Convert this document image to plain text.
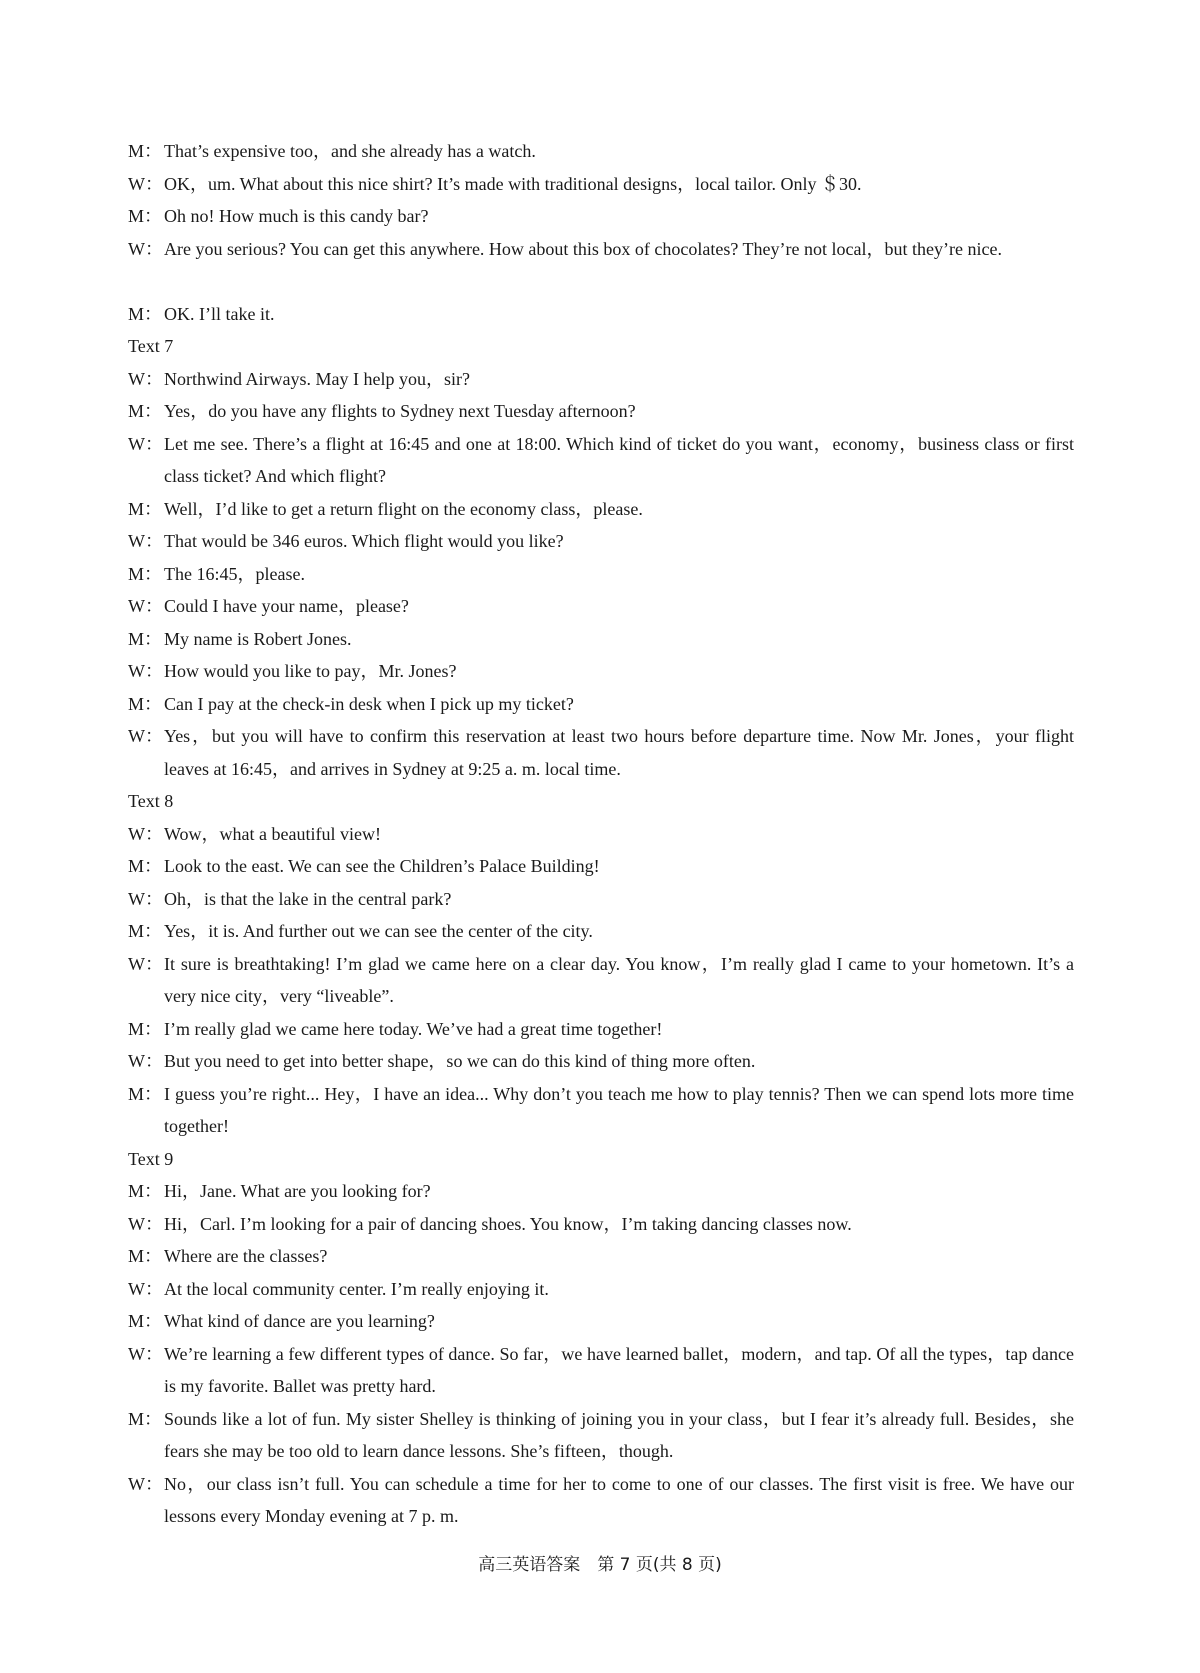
M： That’s expensive too，and she already has a watch.
W：OK，um. What about this nice shirt? It’s made with traditional designs，local tailor. Only ＄30.
M： Oh no! How much is this candy bar?
W： Are you serious? You can get this anywhere. How about this box of chocolates? They’re not local，but they’re nice.
M： OK. I’ll take it.
Text 7
W：Northwind Airways. May I help you，sir?
M： Yes，do you have any flights to Sydney next Tuesday afternoon?
W： Let me see. There’s a flight at 16:45 and one at 18:00. Which kind of ticket do you want，economy，business class or first class ticket? And which flight?
M： Well，I’d like to get a return flight on the economy class，please.
W：That would be 346 euros. Which flight would you like?
M： The 16:45，please.
W：Could I have your name，please?
M： My name is Robert Jones.
W：How would you like to pay，Mr. Jones?
M： Can I pay at the check-in desk when I pick up my ticket?
W： Yes，but you will have to confirm this reservation at least two hours before departure time. Now Mr. Jones，your flight leaves at 16:45，and arrives in Sydney at 9:25 a. m. local time.
Text 8
W：Wow，what a beautiful view!
M： Look to the east. We can see the Children’s Palace Building!
W：Oh，is that the lake in the central park?
M： Yes，it is. And further out we can see the center of the city.
W： It sure is breathtaking! I’m glad we came here on a clear day. You know，I’m really glad I came to your hometown. It’s a very nice city，very “liveable”.
M： I’m really glad we came here today. We’ve had a great time together!
W：But you need to get into better shape，so we can do this kind of thing more often.
M： I guess you’re right... Hey，I have an idea... Why don’t you teach me how to play tennis? Then we can spend lots more time together!
Text 9
M： Hi，Jane. What are you looking for?
W：Hi，Carl. I’m looking for a pair of dancing shoes. You know，I’m taking dancing classes now.
M： Where are the classes?
W：At the local community center. I’m really enjoying it.
M： What kind of dance are you learning?
W： We’re learning a few different types of dance. So far，we have learned ballet，modern，and tap. Of all the types，tap dance is my favorite. Ballet was pretty hard.
M： Sounds like a lot of fun. My sister Shelley is thinking of joining you in your class，but I fear it’s already full. Besides，she fears she may be too old to learn dance lessons. She’s fifteen，though.
W： No，our class isn’t full. You can schedule a time for her to come to one of our classes. The first visit is free. We have our lessons every Monday evening at 7 p. m.
高三英语答案　第 7 页(共 8 页)
